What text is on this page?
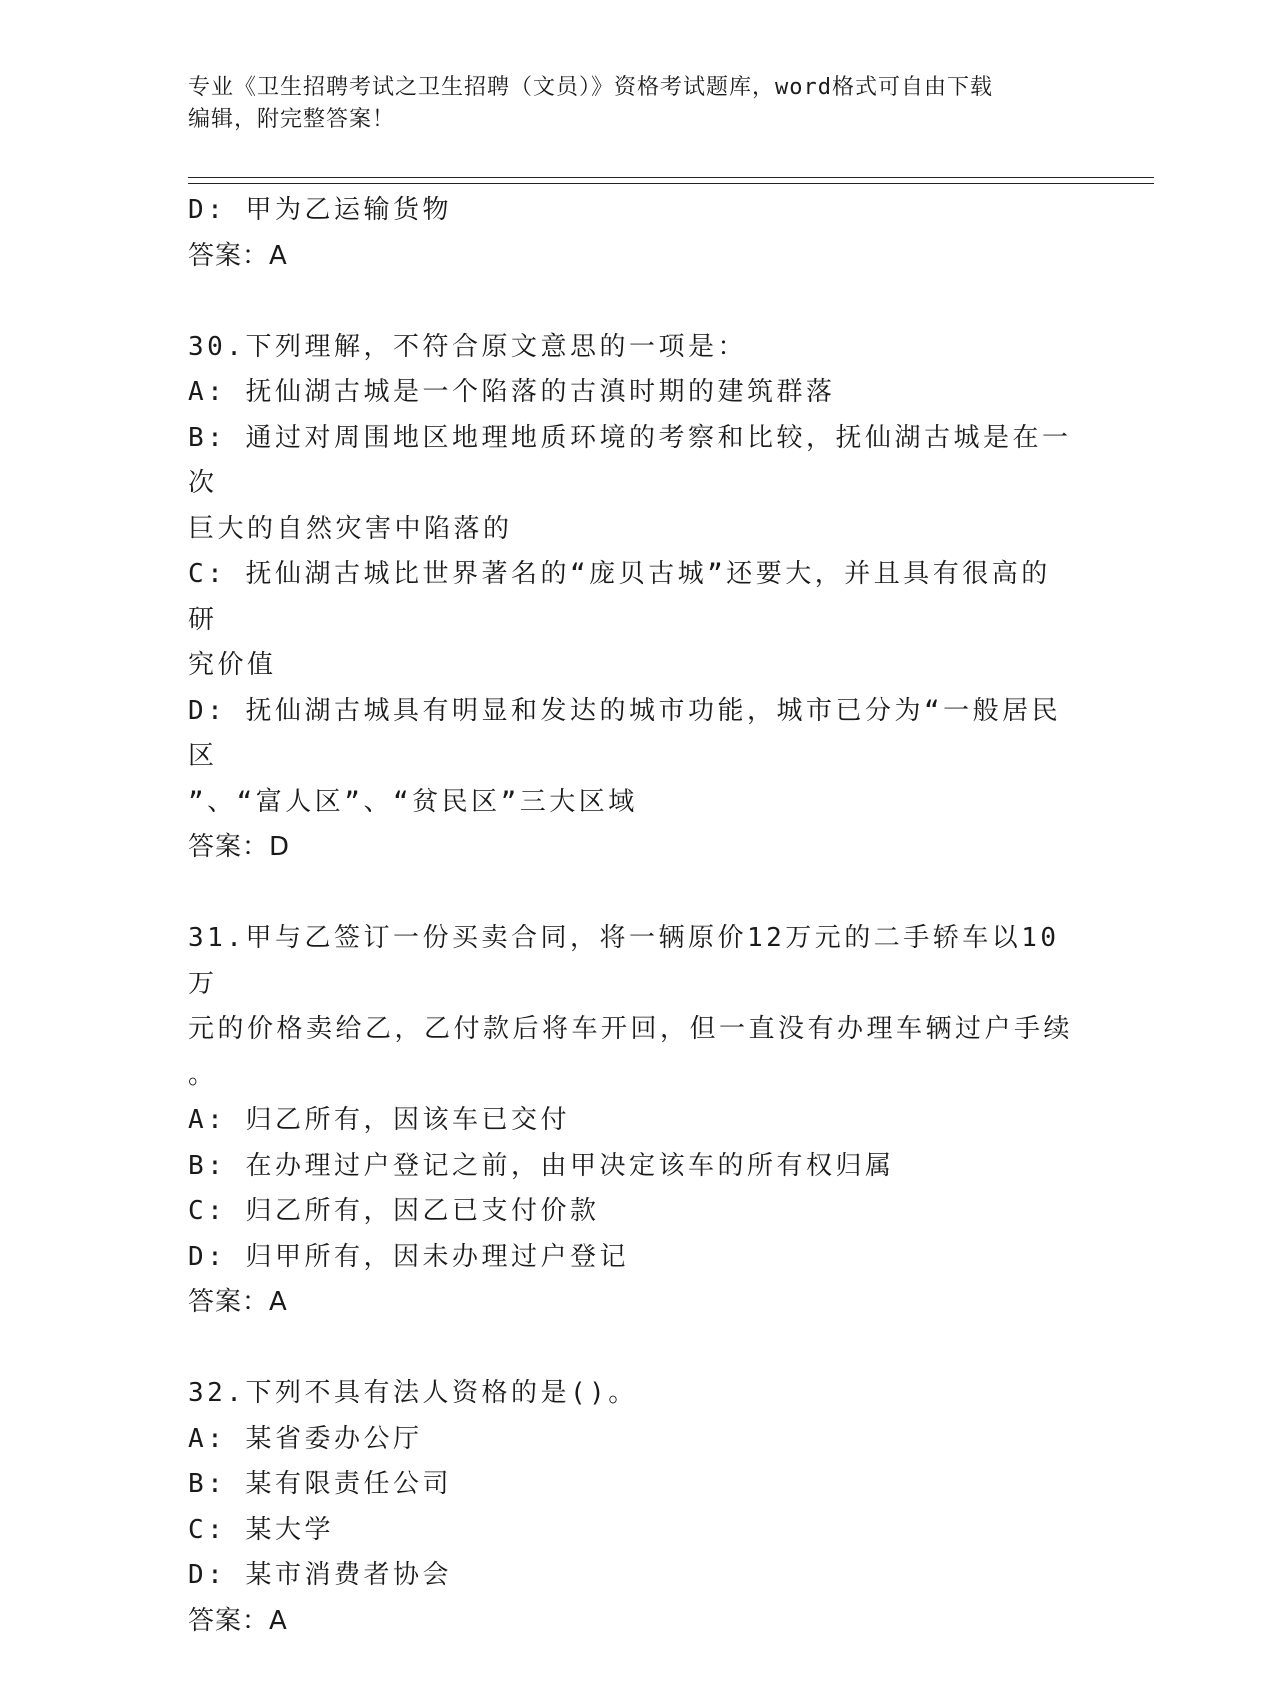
专业《卫生招聘考试之卫生招聘（文员）》资格考试题库，word格式可自由下载
编辑，附完整答案！
D: 甲为乙运输货物
答案：A
30.下列理解，不符合原文意思的一项是：
A: 抚仙湖古城是一个陷落的古滇时期的建筑群落
B: 通过对周围地区地理地质环境的考察和比较，抚仙湖古城是在一次
巨大的自然灾害中陷落的
C: 抚仙湖古城比世界著名的“庞贝古城”还要大，并且具有很高的研
究价值
D: 抚仙湖古城具有明显和发达的城市功能，城市已分为“一般居民区
”、“富人区”、“贫民区”三大区域
答案：D
31.甲与乙签订一份买卖合同，将一辆原价12万元的二手轿车以10万
元的价格卖给乙，乙付款后将车开回，但一直没有办理车辆过户手续
。
A: 归乙所有，因该车已交付
B: 在办理过户登记之前，由甲决定该车的所有权归属
C: 归乙所有，因乙已支付价款
D: 归甲所有，因未办理过户登记
答案：A
32.下列不具有法人资格的是()。
A: 某省委办公厅
B: 某有限责任公司
C: 某大学
D: 某市消费者协会
答案：A
